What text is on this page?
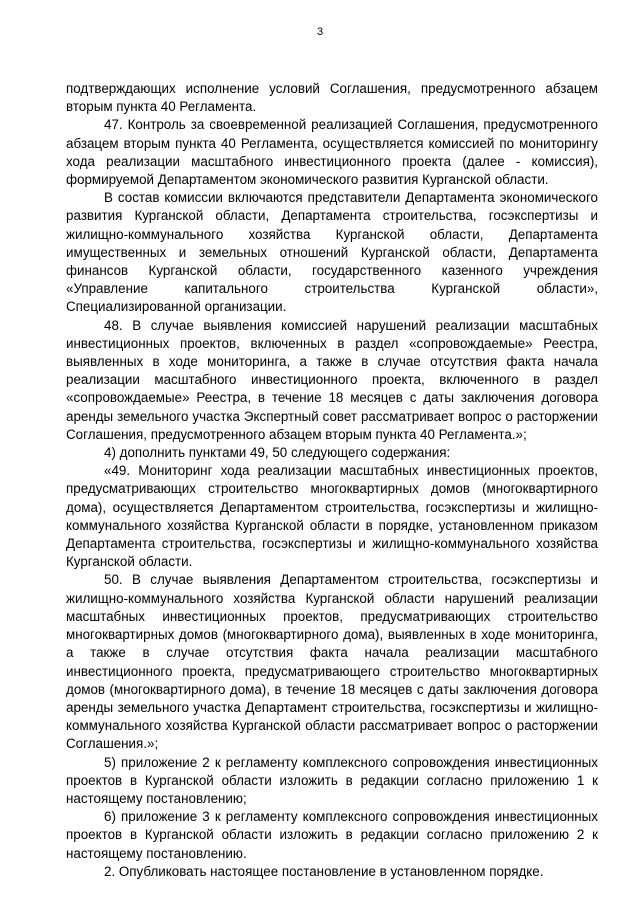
3

подтверждающих исполнение условий Соглашения, предусмотренного абзацем вторым пункта 40 Регламента.

47. Контроль за своевременной реализацией Соглашения, предусмотренного абзацем вторым пункта 40 Регламента, осуществляется комиссией по мониторингу хода реализации масштабного инвестиционного проекта (далее - комиссия), формируемой Департаментом экономического развития Курганской области.

В состав комиссии включаются представители Департамента экономического развития Курганской области, Департамента строительства, госэкспертизы и жилищно-коммунального хозяйства Курганской области, Департамента имущественных и земельных отношений Курганской области, Департамента финансов Курганской области, государственного казенного учреждения «Управление капитального строительства Курганской области», Специализированной организации.

48. В случае выявления комиссией нарушений реализации масштабных инвестиционных проектов, включенных в раздел «сопровождаемые» Реестра, выявленных в ходе мониторинга, а также в случае отсутствия факта начала реализации масштабного инвестиционного проекта, включенного в раздел «сопровождаемые» Реестра, в течение 18 месяцев с даты заключения договора аренды земельного участка Экспертный совет рассматривает вопрос о расторжении Соглашения, предусмотренного абзацем вторым пункта 40 Регламента.»;

4) дополнить пунктами 49, 50 следующего содержания:

«49. Мониторинг хода реализации масштабных инвестиционных проектов, предусматривающих строительство многоквартирных домов (многоквартирного дома), осуществляется Департаментом строительства, госэкспертизы и жилищно-коммунального хозяйства Курганской области в порядке, установленном приказом Департамента строительства, госэкспертизы и жилищно-коммунального хозяйства Курганской области.

50. В случае выявления Департаментом строительства, госэкспертизы и жилищно-коммунального хозяйства Курганской области нарушений реализации масштабных инвестиционных проектов, предусматривающих строительство многоквартирных домов (многоквартирного дома), выявленных в ходе мониторинга, а также в случае отсутствия факта начала реализации масштабного инвестиционного проекта, предусматривающего строительство многоквартирных домов (многоквартирного дома), в течение 18 месяцев с даты заключения договора аренды земельного участка Департамент строительства, госэкспертизы и жилищно-коммунального хозяйства Курганской области рассматривает вопрос о расторжении Соглашения.»;

5) приложение 2 к регламенту комплексного сопровождения инвестиционных проектов в Курганской области изложить в редакции согласно приложению 1 к настоящему постановлению;

6) приложение 3 к регламенту комплексного сопровождения инвестиционных проектов в Курганской области изложить в редакции согласно приложению 2 к настоящему постановлению.

2. Опубликовать настоящее постановление в установленном порядке.
